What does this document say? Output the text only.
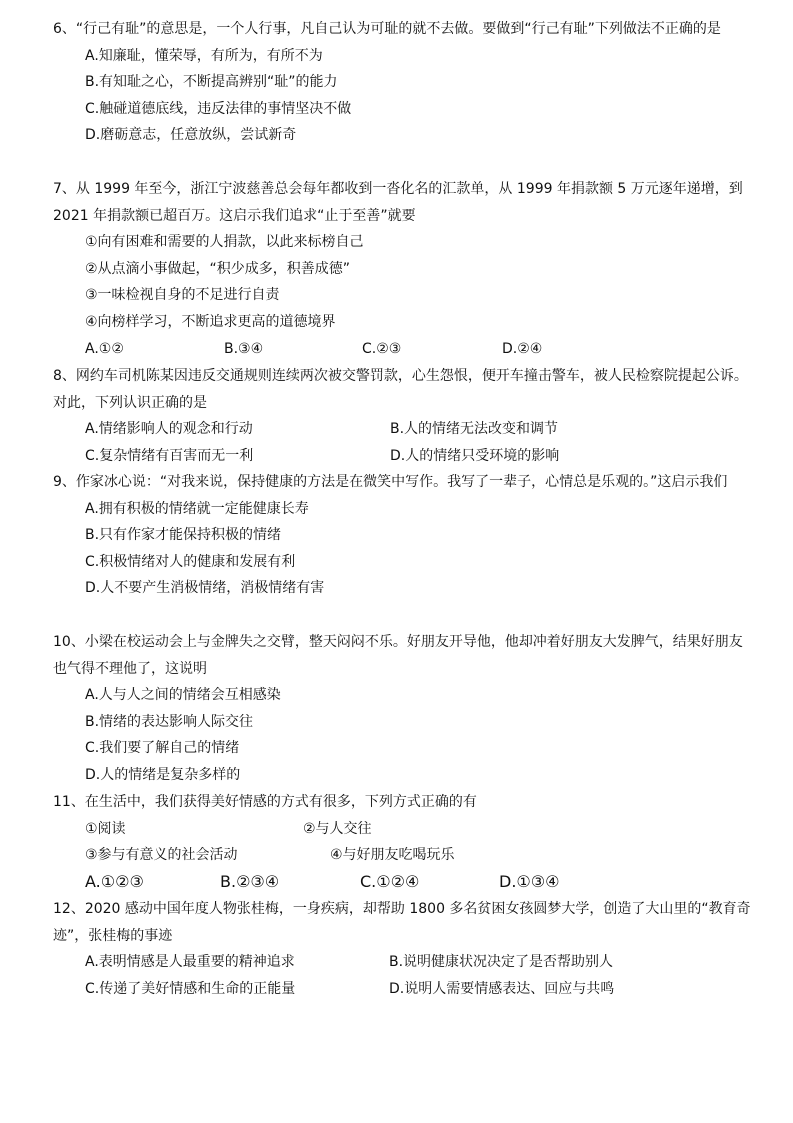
6、“行己有耻”的意思是，一个人行事，凡自己认为可耻的就不去做。要做到“行己有耻”下列做法不正确的是

A.知廉耻，懂荣辱，有所为，有所不为

B.有知耻之心，不断提高辨别“耻”的能力

C.触碰道德底线，违反法律的事情坚决不做

D.磨砺意志，任意放纵，尝试新奇

7、从 1999 年至今，浙江宁波慈善总会每年都收到一沓化名的汇款单，从 1999 年捐款额 5 万元逐年递增，到 2021 年捐款额已超百万。这启示我们追求“止于至善”就要

①向有困难和需要的人捐款，以此来标榜自己

②从点滴小事做起，“积少成多，积善成德”

③一味检视自身的不足进行自责

④向榜样学习，不断追求更高的道德境界

A.①②	B.③④	C.②③	D.②④

8、网约车司机陈某因违反交通规则连续两次被交警罚款，心生怨恨，便开车撞击警车，被人民检察院提起公诉。对此，下列认识正确的是

A.情绪影响人的观念和行动	B.人的情绪无法改变和调节
C.复杂情绪有百害而无一利	D.人的情绪只受环境的影响

9、作家冰心说：“对我来说，保持健康的方法是在微笑中写作。我写了一辈子，心情总是乐观的。”这启示我们

A.拥有积极的情绪就一定能健康长寿

B.只有作家才能保持积极的情绪

C.积极情绪对人的健康和发展有利

D.人不要产生消极情绪，消极情绪有害

10、小梁在校运动会上与金牌失之交臂，整天闷闷不乐。好朋友开导他，他却冲着好朋友大发脾气，结果好朋友也气得不理他了，这说明

A.人与人之间的情绪会互相感染

B.情绪的表达影响人际交往

C.我们要了解自己的情绪

D.人的情绪是复杂多样的

11、在生活中，我们获得美好情感的方式有很多，下列方式正确的有

①阅读	②与人交往
③参与有意义的社会活动	④与好朋友吃喝玩乐
A.①②③	B.②③④	C.①②④	D.①③④

12、2020 感动中国年度人物张桂梅，一身疾病，却帮助 1800 多名贫困女孩圆梦大学，创造了大山里的“教育奇迹”，张桂梅的事迹

A.表明情感是人最重要的精神追求	B.说明健康状况决定了是否帮助别人
C.传递了美好情感和生命的正能量	D.说明人需要情感表达、回应与共鸣
